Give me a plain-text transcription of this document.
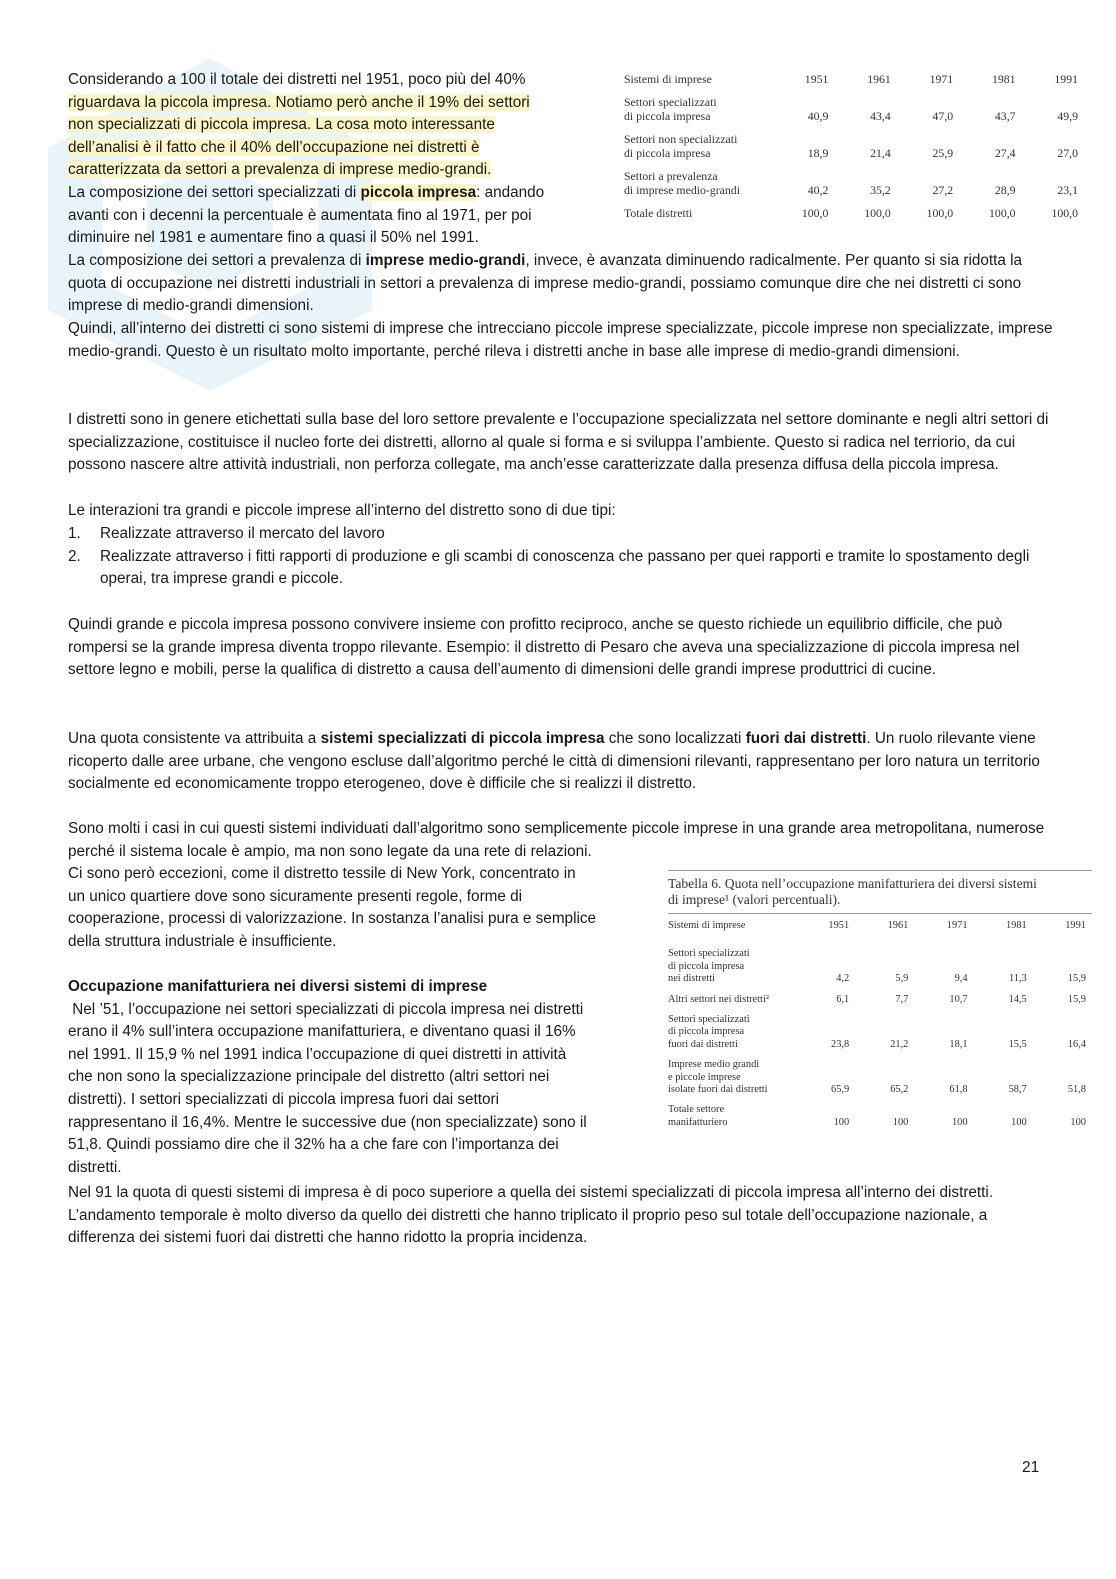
Considerando a 100 il totale dei distretti nel 1951, poco più del 40%
riguardava la piccola impresa. Notiamo però anche il 19% dei settori
non specializzati di piccola impresa. La cosa moto interessante
dell’analisi è il fatto che il 40% dell’occupazione nei distretti è
caratterizzata da settori a prevalenza di imprese medio-grandi.
La composizione dei settori specializzati di piccola impresa: andando
avanti con i decenni la percentuale è aumentata fino al 1971, per poi
diminuire nel 1981 e aumentare fino a quasi il 50% nel 1991.
Sistemi di imprese	1951	1961	1971	1981	1991

Settori specializzati
di piccola impresa	40,9	43,4	47,0	43,7	49,9

Settori non specializzati
di piccola impresa	18,9	21,4	25,9	27,4	27,0

Settori a prevalenza
di imprese medio-grandi	40,2	35,2	27,2	28,9	23,1
Totale distretti	100,0	100,0	100,0	100,0	100,0

La composizione dei settori a prevalenza di imprese medio-grandi, invece, è avanzata diminuendo radicalmente. Per quanto si sia ridotta la quota di occupazione nei distretti industriali in settori a prevalenza di imprese medio-grandi, possiamo comunque dire che nei distretti ci sono imprese di medio-grandi dimensioni.

Quindi, all’interno dei distretti ci sono sistemi di imprese che intrecciano piccole imprese specializzate, piccole imprese non specializzate, imprese medio-grandi. Questo è un risultato molto importante, perché rileva i distretti anche in base alle imprese di medio-grandi dimensioni.

I distretti sono in genere etichettati sulla base del loro settore prevalente e l’occupazione specializzata nel settore dominante e negli altri settori di specializzazione, costituisce il nucleo forte dei distretti, allorno al quale si forma e si sviluppa l’ambiente. Questo si radica nel terriorio, da cui possono nascere altre attività industriali, non perforza collegate, ma anch’esse caratterizzate dalla presenza diffusa della piccola impresa.

Le interazioni tra grandi e piccole imprese all’interno del distretto sono di due tipi:

1.	Realizzate attraverso il mercato del lavoro
2.	Realizzate attraverso i fitti rapporti di produzione e gli scambi di conoscenza che passano per quei rapporti e tramite lo spostamento degli operai, tra imprese grandi e piccole.

Quindi grande e piccola impresa possono convivere insieme con profitto reciproco, anche se questo richiede un equilibrio difficile, che può rompersi se la grande impresa diventa troppo rilevante. Esempio: il distretto di Pesaro che aveva una specializzazione di piccola impresa nel settore legno e mobili, perse la qualifica di distretto a causa dell’aumento di dimensioni delle grandi imprese produttrici di cucine.

Una quota consistente va attribuita a sistemi specializzati di piccola impresa che sono localizzati fuori dai distretti. Un ruolo rilevante viene ricoperto dalle aree urbane, che vengono escluse dall’algoritmo perché le città di dimensioni rilevanti, rappresentano per loro natura un territorio socialmente ed economicamente troppo eterogeneo, dove è difficile che si realizzi il distretto.

Sono molti i casi in cui questi sistemi individuati dall’algoritmo sono semplicemente piccole imprese in una grande area metropolitana, numerose perché il sistema locale è ampio, ma non sono legate da una rete di relazioni.

Ci sono però eccezioni, come il distretto tessile di New York, concentrato in
un unico quartiere dove sono sicuramente presenti regole, forme di
cooperazione, processi di valorizzazione. In sostanza l’analisi pura e semplice
della struttura industriale è insufficiente.
Occupazione manifatturiera nei diversi sistemi di imprese
Nel ’51, l’occupazione nei settori specializzati di piccola impresa nei distretti
erano il 4% sull’intera occupazione manifatturiera, e diventano quasi il 16%
nel 1991. Il 15,9 % nel 1991 indica l’occupazione di quei distretti in attività
che non sono la specializzazione principale del distretto (altri settori nei
distretti). I settori specializzati di piccola impresa fuori dai settori
rappresentano il 16,4%. Mentre le successive due (non specializzate) sono il
51,8. Quindi possiamo dire che il 32% ha a che fare con l’importanza dei
distretti.
Tabella 6. Quota nell’occupazione manifatturiera dei diversi sistemi
di imprese¹ (valori percentuali).
Sistemi di imprese	1951	1961	1971	1981	1991

Settori specializzati
di piccola impresa
nei distretti	4,2	5,9	9,4	11,3	15,9
Altri settori nei distretti²	6,1	7,7	10,7	14,5	15,9

Settori specializzati
di piccola impresa
fuori dai distretti	23,8	21,2	18,1	15,5	16,4

Imprese medio grandi
e piccole imprese
isolate fuori dai distretti	65,9	65,2	61,8	58,7	51,8

Totale settore
manifatturiero	100	100	100	100	100

Nel 91 la quota di questi sistemi di impresa è di poco superiore a quella dei sistemi specializzati di piccola impresa all’interno dei distretti. L’andamento temporale è molto diverso da quello dei distretti che hanno triplicato il proprio peso sul totale dell’occupazione nazionale, a differenza dei sistemi fuori dai distretti che hanno ridotto la propria incidenza.

21
